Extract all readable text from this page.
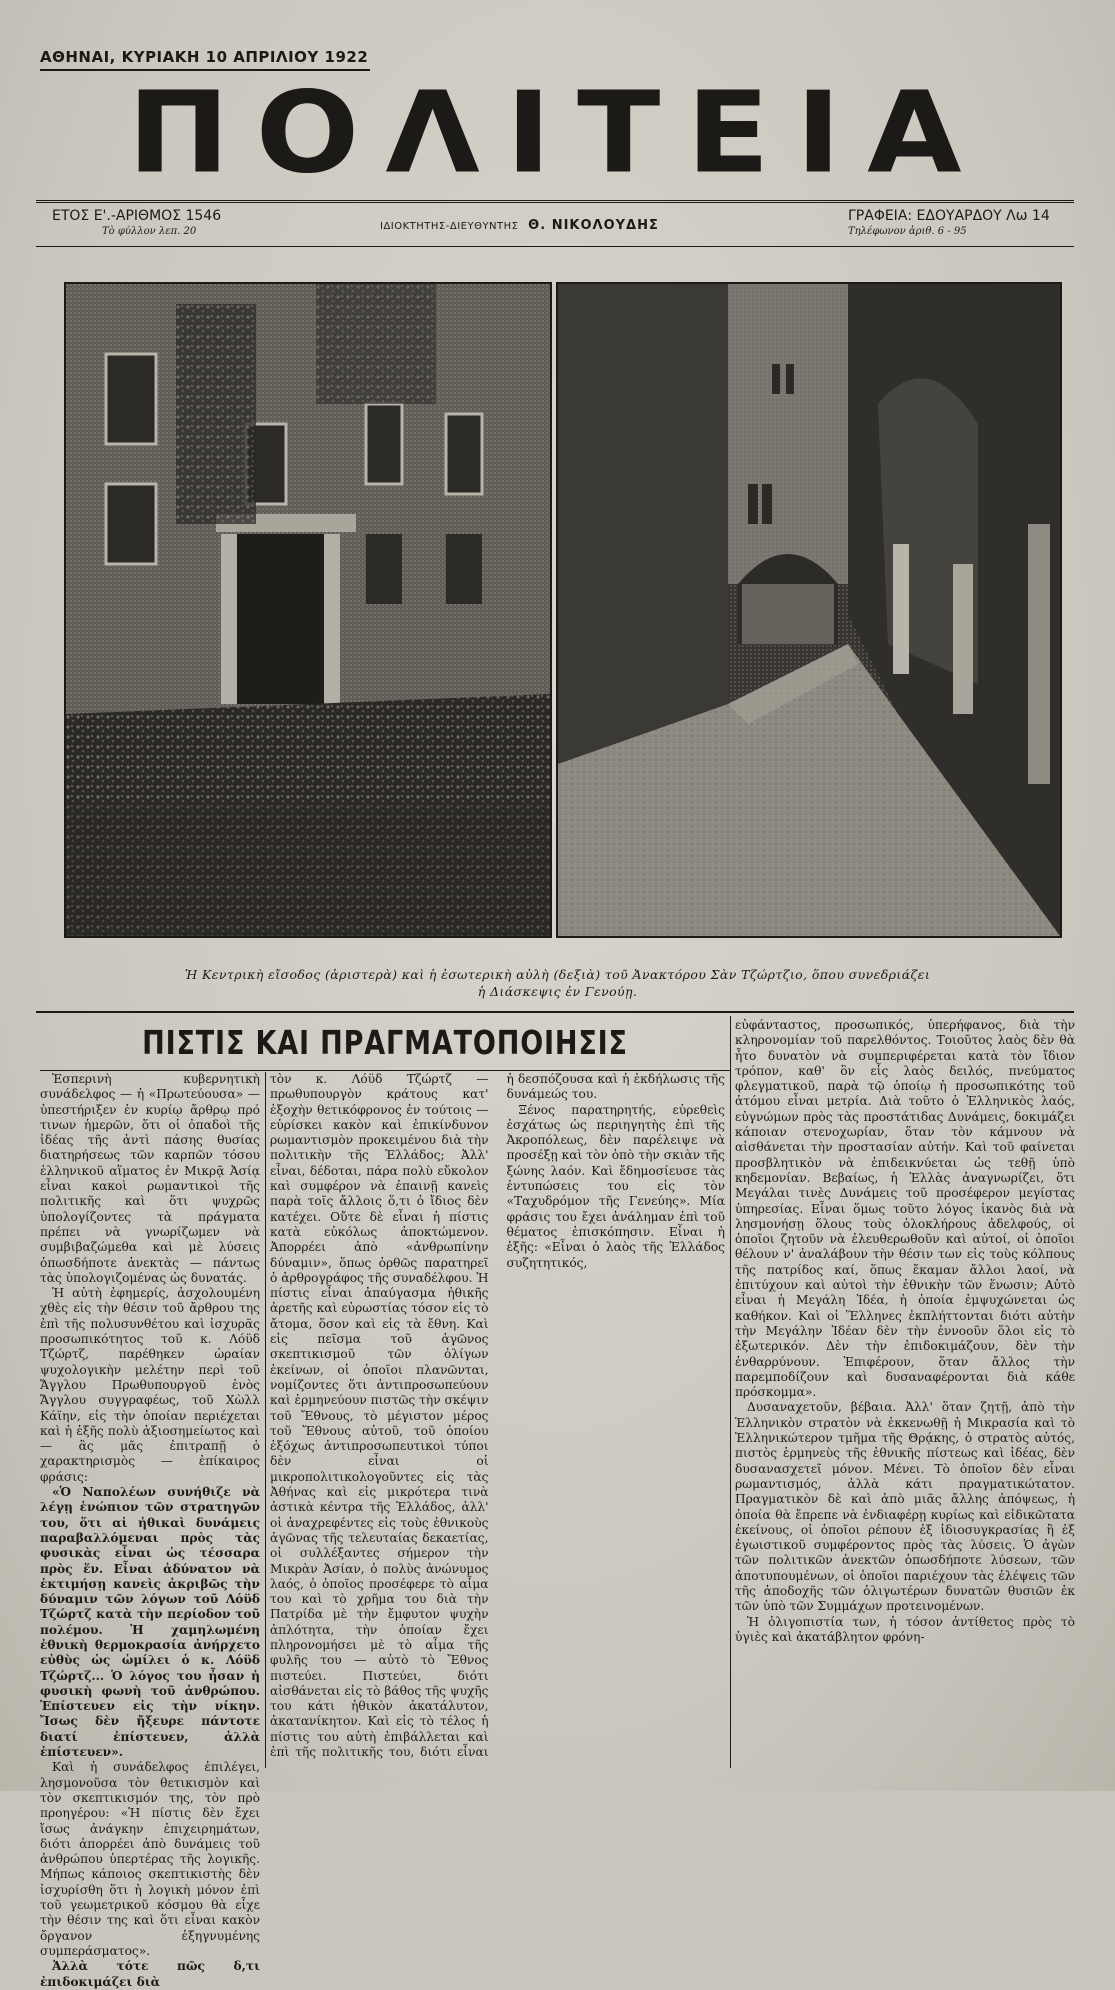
ΑΘΗΝΑΙ, ΚΥΡΙΑΚΗ 10 ΑΠΡΙΛΙΟΥ 1922
ΠΟΛΙΤΕΙΑ
ΕΤΟΣ Ε'.-ΑΡΙΘΜΟΣ 1546
Τὸ φύλλον λεπ. 20	ΙΔΙΟΚΤΗΤΗΣ-ΔΙΕΥΘΥΝΤΗΣ Θ. ΝΙΚΟΛΟΥΔΗΣ
ΓΡΑΦΕΙΑ: ΕΔΟΥΑΡΔΟΥ Λω 14
Τηλέφωνον ἀριθ. 6 - 95
Ἡ Κεντρικὴ εἴσοδος (ἀριστερὰ) καὶ ἡ ἐσωτερικὴ αὐλὴ (δεξιὰ) τοῦ Ἀνακτόρου Σὰν Τζώρτζιο, ὅπου συνεδριάζει
ἡ Διάσκεψις ἐν Γενούῃ.
ΠΙΣΤΙΣ ΚΑΙ ΠΡΑΓΜΑΤΟΠΟΙΗΣΙΣ

Ἑσπερινὴ κυβερνητικὴ συνάδελφος — ἡ «Πρωτεύουσα» — ὑπεστήριξεν ἐν κυρίῳ ἄρθρῳ πρό τινων ἡμερῶν, ὅτι οἱ ὀπαδοὶ τῆς ἰδέας τῆς ἀντὶ πάσης θυσίας διατηρήσεως τῶν καρπῶν τόσου ἑλληνικοῦ αἵματος ἐν Μικρᾷ Ἀσίᾳ εἶναι κακοὶ ρωμαντικοὶ τῆς πολιτικῆς καὶ ὅτι ψυχρῶς ὑπολογίζοντες τὰ πράγματα πρέπει νὰ γνωρίζωμεν νὰ συμβιβαζώμεθα καὶ μὲ λύσεις ὁπωσδήποτε ἀνεκτὰς — πάντως τὰς ὑπολογιζομένας ὡς δυνατάς.

Ἡ αὐτὴ ἐφημερίς, ἀσχολουμένη χθὲς εἰς τὴν θέσιν τοῦ ἄρθρου της ἐπὶ τῆς πολυσυνθέτου καὶ ἰσχυρᾶς προσωπικότητος τοῦ κ. Λόϋδ Τζώρτζ, παρέθηκεν ὡραίαν ψυχολογικὴν μελέτην περὶ τοῦ Ἄγγλου Πρωθυπουργοῦ ἑνὸς Ἄγγλου συγγραφέως, τοῦ Χὼλλ Κάϊην, εἰς τὴν ὁποίαν περιέχεται καὶ ἡ ἑξῆς πολὺ ἀξιοσημείωτος καὶ — ἂς μᾶς ἐπιτραπῇ ὁ χαρακτηρισμὸς — ἐπίκαιρος φράσις:

«Ὁ Ναπολέων συνήθιζε νὰ λέγῃ ἐνώπιον τῶν στρατηγῶν του, ὅτι αἱ ἠθικαὶ δυνάμεις παραβαλλόμεναι πρὸς τὰς φυσικὰς εἶναι ὡς τέσσαρα πρὸς ἕν. Εἶναι ἀδύνατον νὰ ἐκτιμήσῃ κανεὶς ἀκριβῶς τὴν δύναμιν τῶν λόγων τοῦ Λόϋδ Τζώρτζ κατὰ τὴν περίοδον τοῦ πολέμου. Ἡ χαμηλωμένη ἐθνικὴ θερμοκρασία ἀνήρχετο εὐθὺς ὡς ὡμίλει ὁ κ. Λόϋδ Τζώρτζ... Ὁ λόγος του ἦσαν ἡ φυσικὴ φωνὴ τοῦ ἀνθρώπου. Ἐπίστευεν εἰς τὴν νίκην. Ἴσως δὲν ἤξευρε πάντοτε διατί ἐπίστευεν, ἀλλὰ ἐπίστευεν».

Καὶ ἡ συνάδελφος ἐπιλέγει, λησμονοῦσα τὸν θετικισμὸν καὶ τὸν σκεπτικισμόν της, τὸν πρὸ προηγέρου: «Ἡ πίστις δὲν ἔχει ἴσως ἀνάγκην ἐπιχειρημάτων, διότι ἀπορρέει ἀπὸ δυνάμεις τοῦ ἀνθρώπου ὑπερτέρας τῆς λογικῆς. Μήπως κάποιος σκεπτικιστὴς δὲν ἰσχυρίσθη ὅτι ἡ λογικὴ μόνον ἐπὶ τοῦ γεωμετρικοῦ κόσμου θὰ εἶχε τὴν θέσιν της καὶ ὅτι εἶναι κακὸν ὄργανον ἐξηγνυμένης συμπεράσματος».

Ἀλλὰ τότε πῶς δ,τι ἐπιδοκιμάζει διὰ

τὸν κ. Λόϋδ Τζώρτζ — πρωθυπουργὸν κράτους κατ' ἐξοχὴν θετικόφρονος ἐν τούτοις — εὑρίσκει κακὸν καὶ ἐπικίνδυνον ρωμαντισμὸν προκειμένου διὰ τὴν πολιτικὴν τῆς Ἑλλάδος; Ἀλλ' εἶναι, δέδοται, πάρα πολὺ εὔκολον καὶ συμφέρον νὰ ἐπαινῇ κανεὶς παρὰ τοῖς ἄλλοις ὅ,τι ὁ ἴδιος δὲν κατέχει. Οὔτε δὲ εἶναι ἡ πίστις κατὰ εὐκόλως ἀποκτώμενον. Ἀπορρέει ἀπὸ «ἀνθρωπίνην δύναμιν», ὅπως ὀρθῶς παρατηρεῖ ὁ ἀρθρογράφος τῆς συναδέλφου. Ἡ πίστις εἶναι ἀπαύγασμα ἠθικῆς ἀρετῆς καὶ εὐρωστίας τόσον εἰς τὸ ἄτομα, ὅσον καὶ εἰς τὰ ἔθνη. Καὶ εἰς πεῖσμα τοῦ ἀγῶνος σκεπτικισμοῦ τῶν ὀλίγων ἐκείνων, οἱ ὁποῖοι πλανῶνται, νομίζοντες ὅτι ἀντιπροσωπεύουν καὶ ἑρμηνεύουν πιστῶς τὴν σκέψιν τοῦ Ἔθνους, τὸ μέγιστον μέρος τοῦ Ἔθνους αὐτοῦ, τοῦ ὁποίου ἐξόχως ἀντιπροσωπευτικοὶ τύποι δὲν εἶναι οἱ μικροπολιτικολογοῦντες εἰς τὰς Ἀθήνας καὶ εἰς μικρότερα τινὰ ἀστικὰ κέντρα τῆς Ἑλλάδος, ἀλλ' οἱ ἀναχρεφέντες εἰς τοὺς ἐθνικοὺς ἀγῶνας τῆς τελευταίας δεκαετίας, οἱ συλλέξαντες σήμερον τὴν Μικρὰν Ἀσίαν, ὁ πολὺς ἀνώνυμος λαός, ὁ ὁποῖος προσέφερε τὸ αἷμα του καὶ τὸ χρῆμα του διὰ τὴν Πατρίδα μὲ τὴν ἔμφυτον ψυχὴν ἀπλότητα, τὴν ὁποίαν ἔχει πληρονομήσει μὲ τὸ αἷμα τῆς φυλῆς του — αὐτὸ τὸ Ἔθνος πιστεύει. Πιστεύει, διότι αἰσθάνεται εἰς τὸ βάθος τῆς ψυχῆς του κάτι ἠθικὸν ἀκατάλυτον, ἀκατανίκητον. Καὶ εἰς τὸ τέλος ἡ πίστις του αὐτὴ ἐπιβάλλεται καὶ ἐπὶ τῆς πολιτικῆς του, διότι εἶναι ἡ δεσπόζουσα καὶ ἡ ἐκδήλωσις τῆς δυνάμεώς του.

Ξένος παρατηρητής, εὑρεθεὶς ἐσχάτως ὡς περιηγητὴς ἐπὶ τῆς Ἀκροπόλεως, δὲν παρέλειψε νὰ προσέξῃ καὶ τὸν ὀπὸ τὴν σκιὰν τῆς ξώνης λαόν. Καὶ ἔδημοσίευσε τὰς ἐντυπώσεις του εἰς τὸν «Ταχυδρόμον τῆς Γενεύης». Μία φράσις του ἔχει ἀνάλημαν ἐπὶ τοῦ θέματος ἐπισκόπησιν. Εἶναι ἡ ἑξῆς: «Εἶναι ὁ λαὸς τῆς Ἑλλάδος συζητητικός,

εὐφάνταστος, προσωπικός, ὑπερήφανος, διὰ τὴν κληρονομίαν τοῦ παρελθόντος. Τοιοῦτος λαὸς δὲν θὰ ἦτο δυνατὸν νὰ συμπεριφέρεται κατὰ τὸν ἴδιον τρόπον, καθ' ὃν εἷς λαὸς δειλός, πνεύματος φλεγματικοῦ, παρὰ τῷ ὁποίῳ ἡ προσωπικότης τοῦ ἀτόμου εἶναι μετρία. Διὰ τοῦτο ὁ Ἑλληνικὸς λαός, εὐγνώμων πρὸς τὰς προστάτιδας Δυνάμεις, δοκιμάζει κάποιαν στενοχωρίαν, ὅταν τὸν κάμνουν νὰ αἰσθάνεται τὴν προστασίαν αὐτήν. Καὶ τοῦ φαίνεται προσβλητικὸν νὰ ἐπιδεικνύεται ὡς τεθῇ ὑπὸ κηδεμονίαν. Βεβαίως, ἡ Ἑλλὰς ἀναγνωρίζει, ὅτι Μεγάλαι τινὲς Δυνάμεις τοῦ προσέφερον μεγίστας ὑπηρεσίας. Εἶναι ὅμως τοῦτο λόγος ἱκανὸς διὰ νὰ λησμονήσῃ ὅλους τοὺς ὁλοκλήρους ἀδελφούς, οἱ ὁποῖοι ζητοῦν νὰ ἐλευθερωθοῦν καὶ αὐτοί, οἱ ὁποῖοι θέλουν ν' ἀναλάβουν τὴν θέσιν των εἰς τοὺς κόλπους τῆς πατρίδος καί, ὅπως ἔκαμαν ἄλλοι λαοί, νὰ ἐπιτύχουν καὶ αὐτοὶ τὴν ἐθνικὴν τῶν ἕνωσιν; Αὐτὸ εἶναι ἡ Μεγάλη Ἰδέα, ἡ ὁποία ἐμψυχώνεται ὡς καθήκον. Καὶ οἱ Ἕλληνες ἐκπλήττονται διότι αὐτὴν τὴν Μεγάλην Ἰδέαν δὲν τὴν ἐννοοῦν ὅλοι εἰς τὸ ἐξωτερικόν. Δὲν τὴν ἐπιδοκιμάζουν, δὲν τὴν ἐνθαρρύνουν. Ἐπιφέρουν, ὅταν ἄλλος τὴν παρεμποδίζουν καὶ δυσαναφέρονται διὰ κάθε πρόσκομμα».

Δυσαναχετοῦν, βέβαια. Ἀλλ' ὅταν ζητῇ, ἀπὸ τὴν Ἑλληνικὸν στρατὸν νὰ ἐκκενωθῇ ἡ Μικρασία καὶ τὸ Ἑλληνικώτερον τμῆμα τῆς Θρᾴκης, ὁ στρατὸς αὐτός, πιστὸς ἑρμηνεὺς τῆς ἐθνικῆς πίστεως καὶ ἰδέας, δὲν δυσανασχετεῖ μόνον. Μένει. Τὸ ὁποῖον δὲν εἶναι ρωμαντισμός, ἀλλὰ κάτι πραγματικώτατον. Πραγματικὸν δὲ καὶ ἀπὸ μιᾶς ἄλλης ἀπόψεως, ἡ ὁποία θὰ ἔπρεπε νὰ ἐνδιαφέρῃ κυρίως καὶ εἰδικῶτατα ἐκείνους, οἱ ὁποῖοι ρέπουν ἐξ ἰδιοσυγκρασίας ἢ ἐξ ἐγωιστικοῦ συμφέροντος πρὸς τὰς λύσεις. Ὁ ἀγὼν τῶν πολιτικῶν ἀνεκτῶν ὁπωσδήποτε λύσεων, τῶν ἀποτυπουμένων, οἱ ὁποῖοι παριέχουν τὰς ἐλέψεις τῶν τῆς ἀποδοχῆς τῶν ὀλιγωτέρων δυνατῶν θυσιῶν ἐκ τῶν ὑπὸ τῶν Συμμάχων προτεινομένων.

Ἡ ὀλιγοπιστία των, ἡ τόσον ἀντίθετος πρὸς τὸ ὑγιὲς καὶ ἀκατάβλητον φρόνη-
